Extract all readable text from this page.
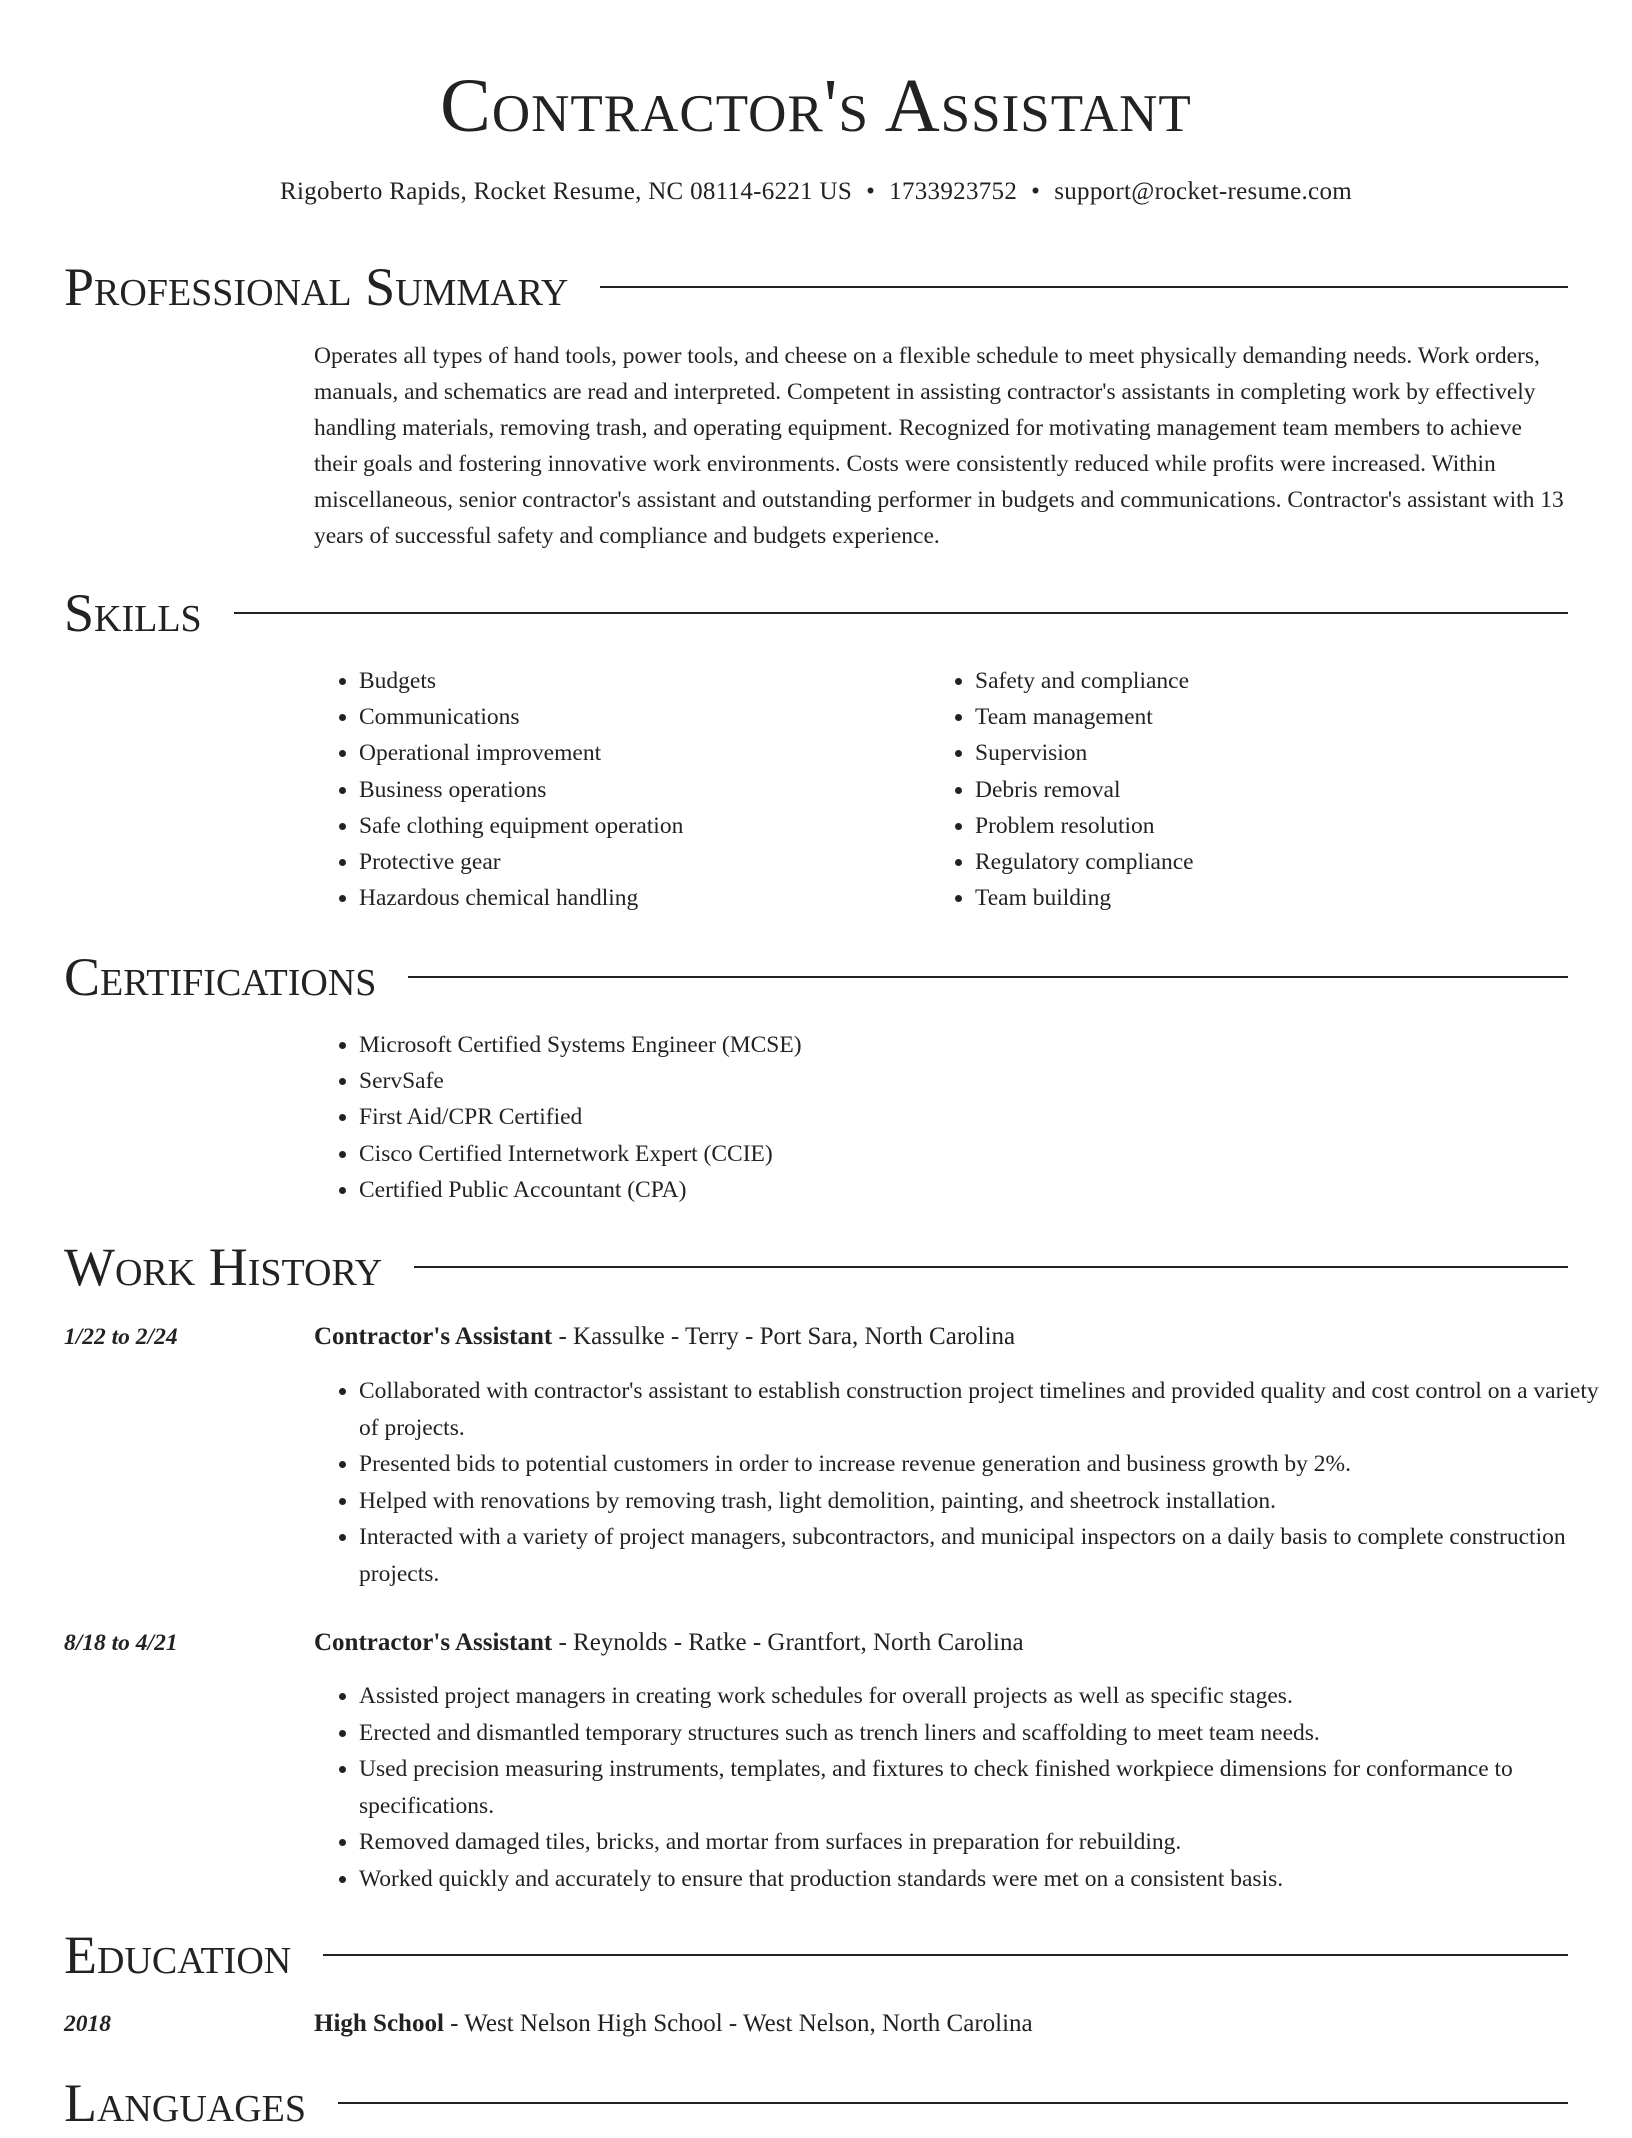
Contractor's Assistant
Rigoberto Rapids, Rocket Resume, NC 08114-6221 US • 1733923752 • support@rocket-resume.com
Professional Summary

Operates all types of hand tools, power tools, and cheese on a flexible schedule to meet physically demanding needs. Work orders, manuals, and schematics are read and interpreted. Competent in assisting contractor's assistants in completing work by effectively handling materials, removing trash, and operating equipment. Recognized for motivating management team members to achieve their goals and fostering innovative work environments. Costs were consistently reduced while profits were increased. Within miscellaneous, senior contractor's assistant and outstanding performer in budgets and communications. Contractor's assistant with 13 years of successful safety and compliance and budgets experience.

Skills
• Budgets
• Communications
• Operational improvement
• Business operations
• Safe clothing equipment operation
• Protective gear
• Hazardous chemical handling
• Safety and compliance
• Team management
• Supervision
• Debris removal
• Problem resolution
• Regulatory compliance
• Team building
Certifications
• Microsoft Certified Systems Engineer (MCSE)
• ServSafe
• First Aid/CPR Certified
• Cisco Certified Internetwork Expert (CCIE)
• Certified Public Accountant (CPA)
Work History
1/22 to 2/24	Contractor's Assistant - Kassulke - Terry - Port Sara, North Carolina
• Collaborated with contractor's assistant to establish construction project timelines and provided quality and cost control on a variety of projects.
• Presented bids to potential customers in order to increase revenue generation and business growth by 2%.
• Helped with renovations by removing trash, light demolition, painting, and sheetrock installation.
• Interacted with a variety of project managers, subcontractors, and municipal inspectors on a daily basis to complete construction projects.
8/18 to 4/21	Contractor's Assistant - Reynolds - Ratke - Grantfort, North Carolina
• Assisted project managers in creating work schedules for overall projects as well as specific stages.
• Erected and dismantled temporary structures such as trench liners and scaffolding to meet team needs.
• Used precision measuring instruments, templates, and fixtures to check finished workpiece dimensions for conformance to specifications.
• Removed damaged tiles, bricks, and mortar from surfaces in preparation for rebuilding.
• Worked quickly and accurately to ensure that production standards were met on a consistent basis.
Education
2018	High School - West Nelson High School - West Nelson, North Carolina
Languages
